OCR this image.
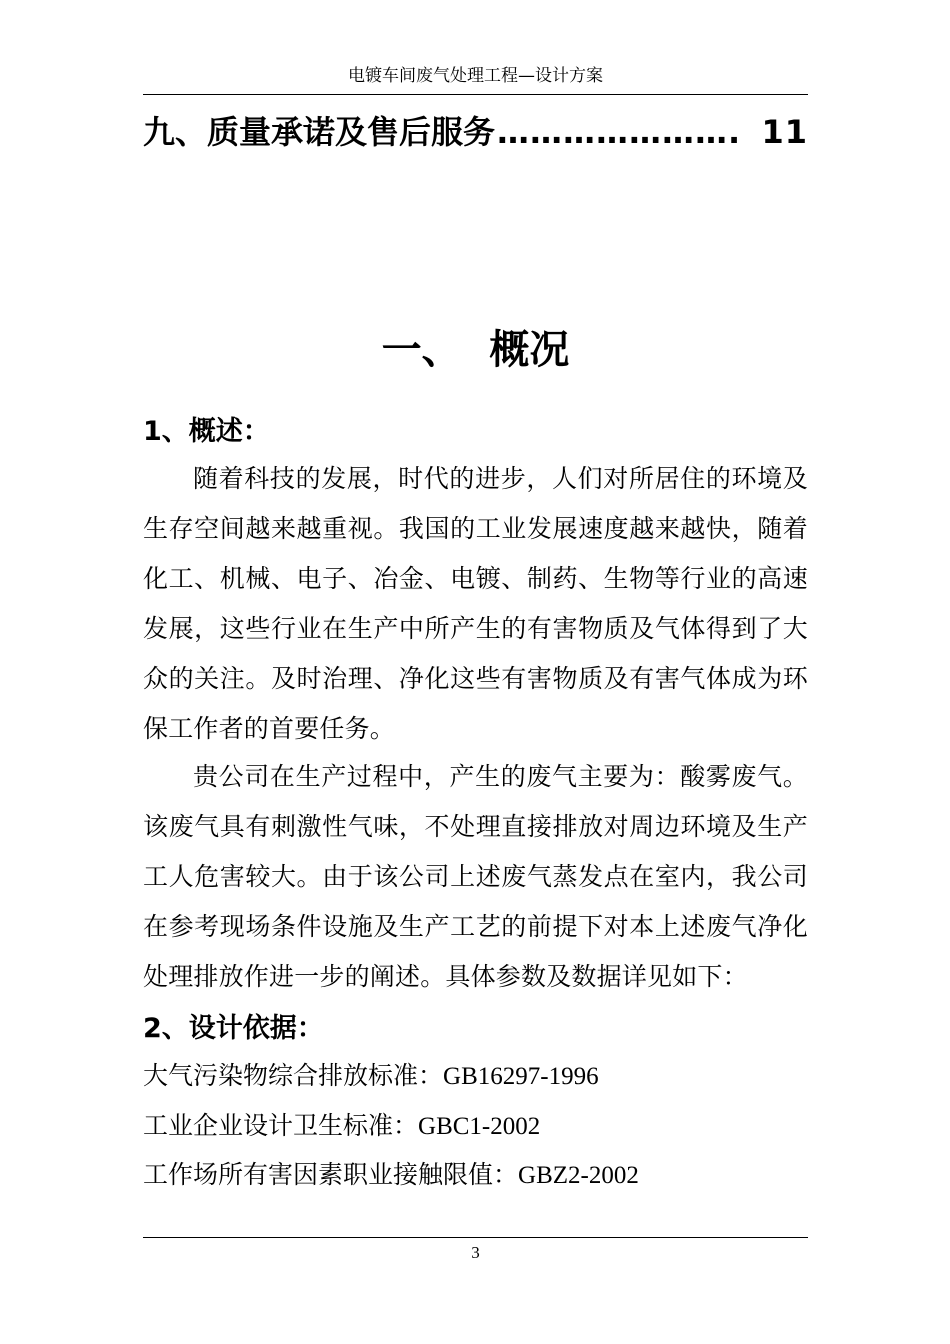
电镀车间废气处理工程—设计方案
九、质量承诺及售后服务 …………………. 11
一、  概况
1、概述：
随着科技的发展，时代的进步，人们对所居住的环境及生存空间越来越重视。我国的工业发展速度越来越快，随着化工、机械、电子、冶金、电镀、制药、生物等行业的高速发展，这些行业在生产中所产生的有害物质及气体得到了大众的关注。及时治理、净化这些有害物质及有害气体成为环保工作者的首要任务。
贵公司在生产过程中，产生的废气主要为：酸雾废气。该废气具有刺激性气味，不处理直接排放对周边环境及生产工人危害较大。由于该公司上述废气蒸发点在室内，我公司在参考现场条件设施及生产工艺的前提下对本上述废气净化处理排放作进一步的阐述。具体参数及数据详见如下：
2、设计依据：
大气污染物综合排放标准：GB16297-1996
工业企业设计卫生标准：GBC1-2002
工作场所有害因素职业接触限值：GBZ2-2002
3
